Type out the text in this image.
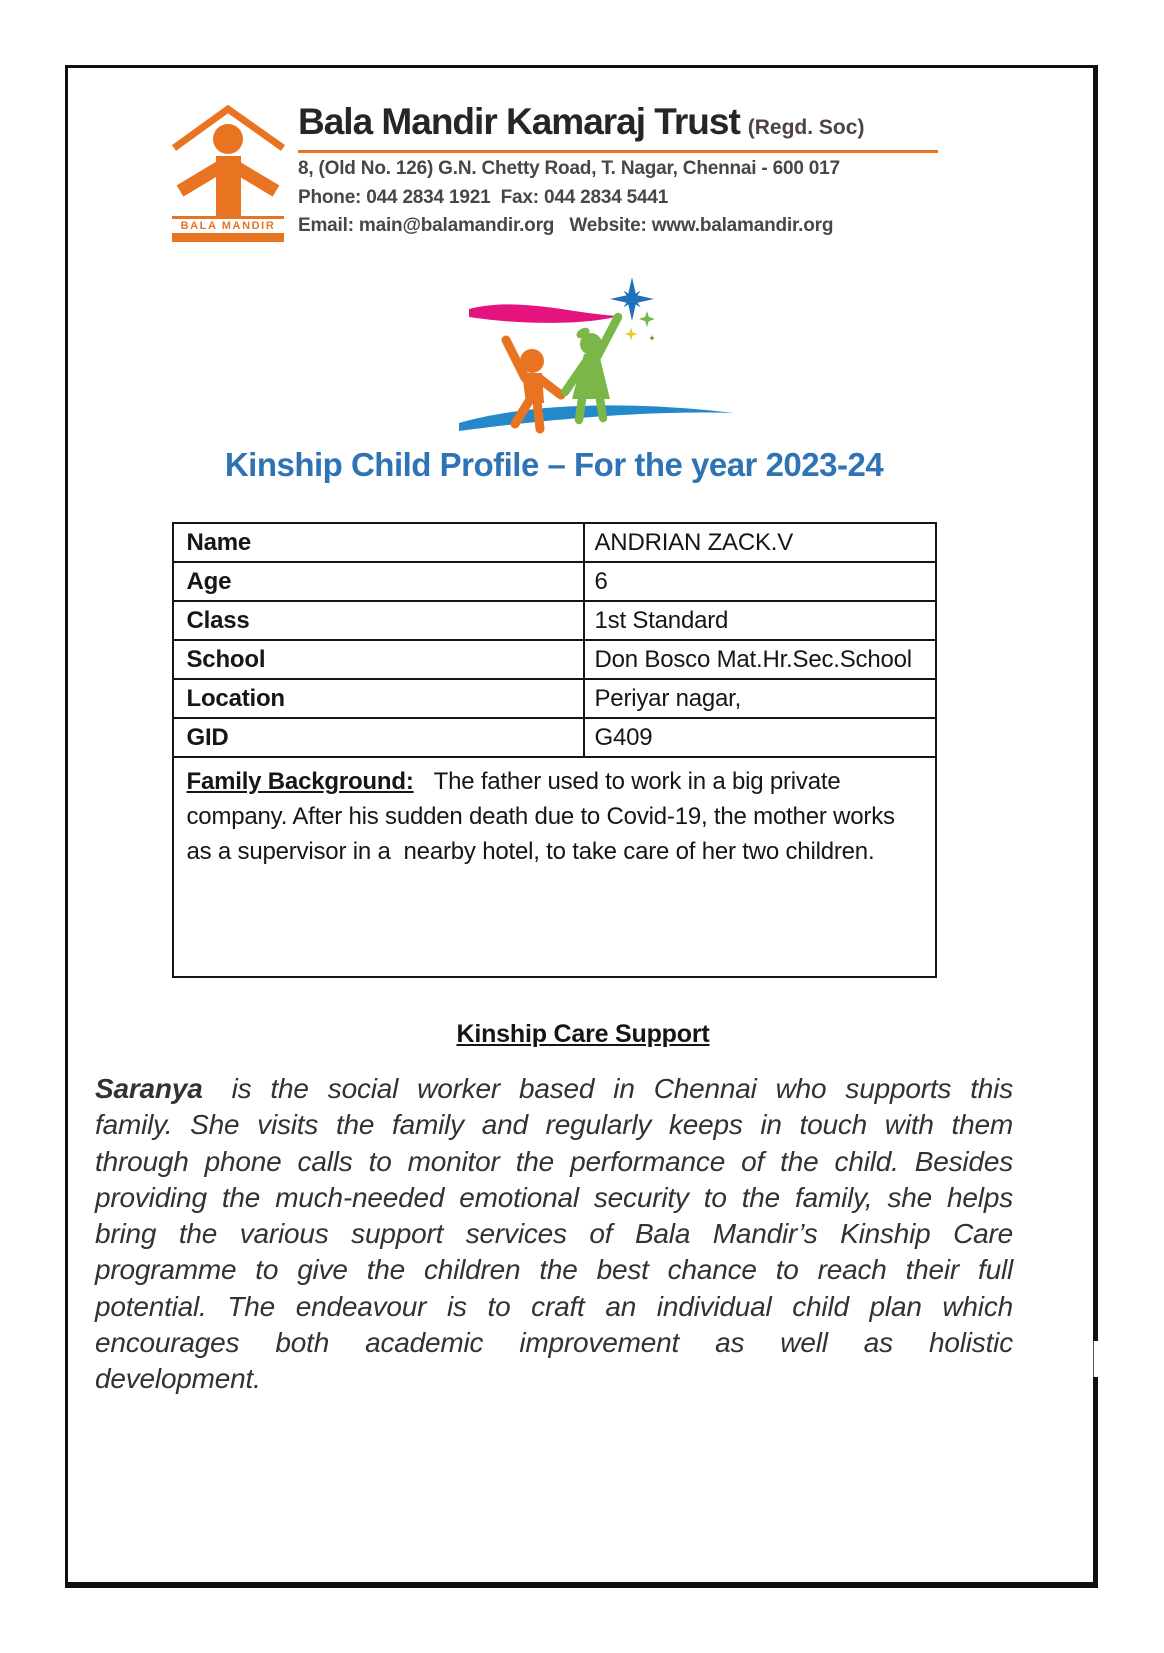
BALA MANDIR
Bala Mandir Kamaraj Trust (Regd. Soc)
8, (Old No. 126) G.N. Chetty Road, T. Nagar, Chennai - 600 017
Phone: 044 2834 1921  Fax: 044 2834 5441
Email: main@balamandir.org   Website: www.balamandir.org
Kinship Child Profile – For the year 2023-24
Name	ANDRIAN ZACK.V
Age	6
Class	1st Standard
School	Don Bosco Mat.Hr.Sec.School
Location	Periyar nagar,
GID	G409
Family Background: The father used to work in a big private company. After his sudden death due to Covid-19, the mother works as a supervisor in a  nearby hotel, to take care of her two children.	
Kinship Care Support

Saranya is the social worker based in Chennai who supports this family. She visits the family and regularly keeps in touch with them through phone calls to monitor the performance of the child. Besides providing the much-needed emotional security to the family, she helps bring the various support services of Bala Mandir’s Kinship Care programme to give the children the best chance to reach their full potential. The endeavour is to craft an individual child plan which encourages both academic improvement as well as holistic development.
